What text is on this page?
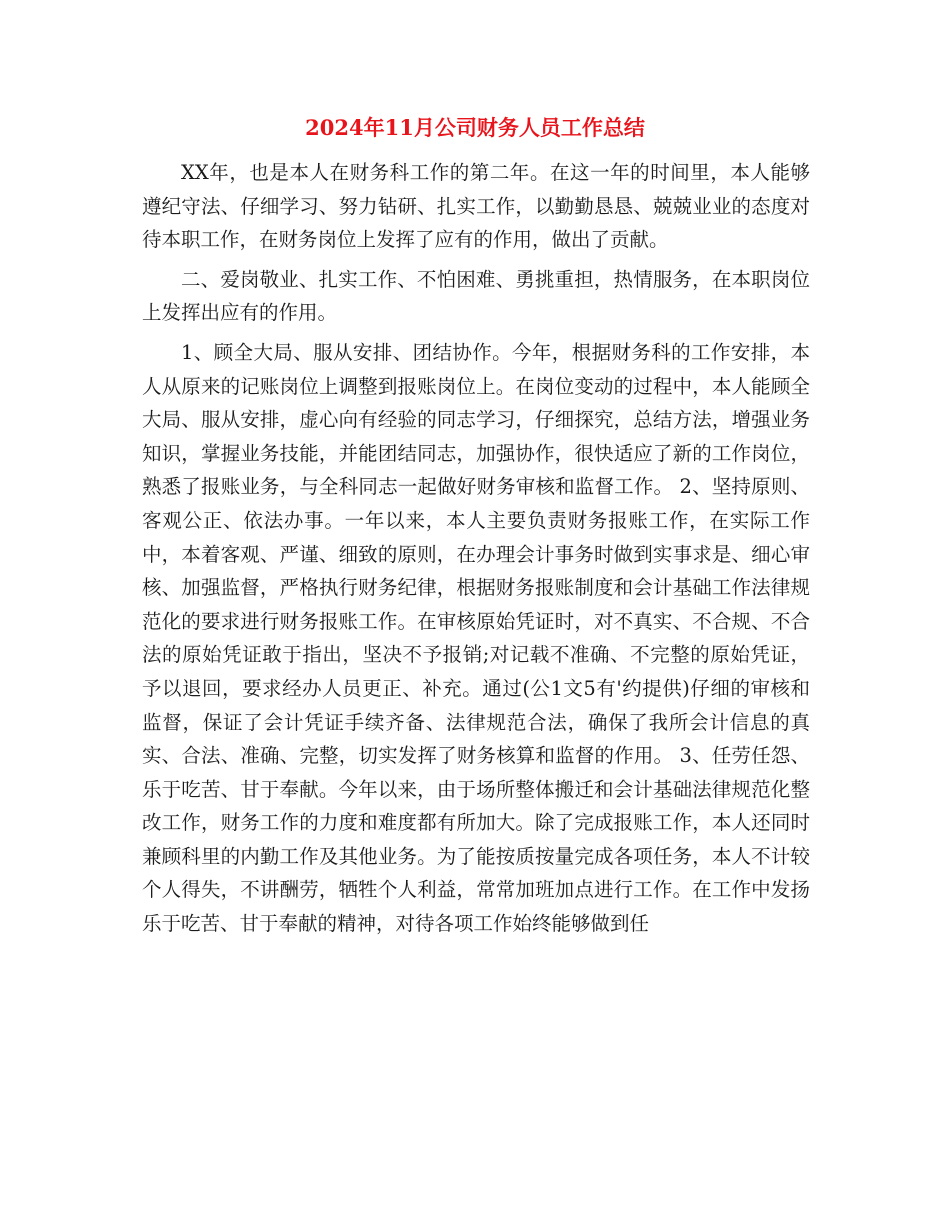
2024年11月公司财务人员工作总结

XX年，也是本人在财务科工作的第二年。在这一年的时间里，本人能够遵纪守法、仔细学习、努力钻研、扎实工作，以勤勤恳恳、兢兢业业的态度对待本职工作，在财务岗位上发挥了应有的作用，做出了贡献。

二、爱岗敬业、扎实工作、不怕困难、勇挑重担，热情服务，在本职岗位上发挥出应有的作用。

1、顾全大局、服从安排、团结协作。今年，根据财务科的工作安排，本人从原来的记账岗位上调整到报账岗位上。在岗位变动的过程中，本人能顾全大局、服从安排，虚心向有经验的同志学习，仔细探究，总结方法，增强业务知识，掌握业务技能，并能团结同志，加强协作，很快适应了新的工作岗位，熟悉了报账业务，与全科同志一起做好财务审核和监督工作。 2、坚持原则、客观公正、依法办事。一年以来，本人主要负责财务报账工作，在实际工作中，本着客观、严谨、细致的原则，在办理会计事务时做到实事求是、细心审核、加强监督，严格执行财务纪律，根据财务报账制度和会计基础工作法律规范化的要求进行财务报账工作。在审核原始凭证时，对不真实、不合规、不合法的原始凭证敢于指出，坚决不予报销;对记载不准确、不完整的原始凭证，予以退回，要求经办人员更正、补充。通过(公1文5有'约提供)仔细的审核和监督，保证了会计凭证手续齐备、法律规范合法，确保了我所会计信息的真实、合法、准确、完整，切实发挥了财务核算和监督的作用。 3、任劳任怨、乐于吃苦、甘于奉献。今年以来，由于场所整体搬迁和会计基础法律规范化整改工作，财务工作的力度和难度都有所加大。除了完成报账工作，本人还同时兼顾科里的内勤工作及其他业务。为了能按质按量完成各项任务，本人不计较个人得失，不讲酬劳，牺牲个人利益，常常加班加点进行工作。在工作中发扬乐于吃苦、甘于奉献的精神，对待各项工作始终能够做到任
